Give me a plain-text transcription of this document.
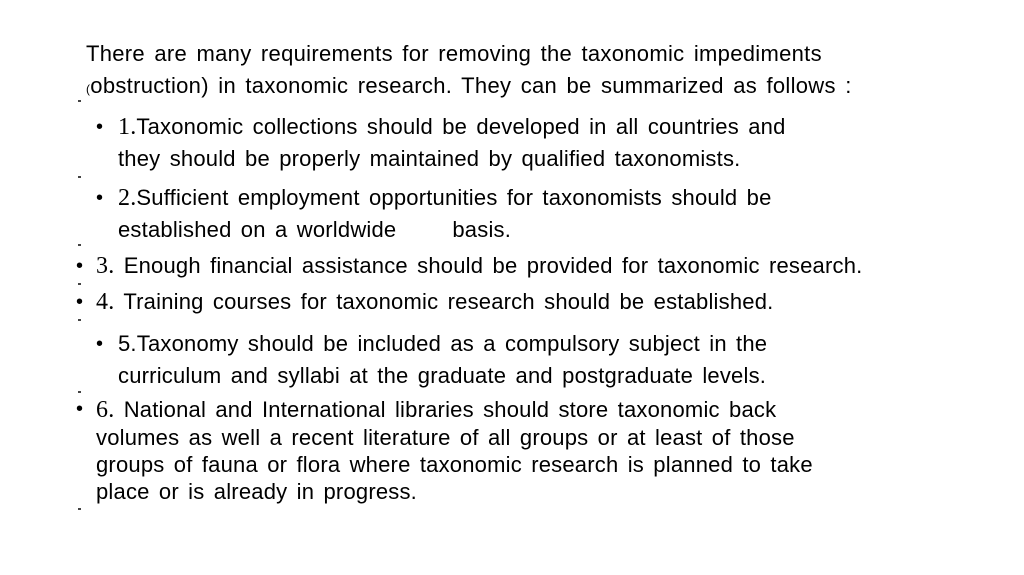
There are many requirements for removing the taxonomic impediments
(obstruction) in taxonomic research. They can be summarized as follows :
• 1.Taxonomic collections should be developed in all countries and
they should be properly maintained by qualified taxonomists.
• 2.Sufficient employment opportunities for taxonomists should be
established on a worldwide	basis.
• 3. Enough financial assistance should be provided for taxonomic research.
• 4. Training courses for taxonomic research should be established.
• 5.Taxonomy should be included as a compulsory subject in the
curriculum and syllabi at the graduate and postgraduate levels.
• 6. National and International libraries should store taxonomic back
volumes as well a recent literature of all groups or at least of those
groups of fauna or flora where taxonomic research is planned to take
place or is already in progress.
